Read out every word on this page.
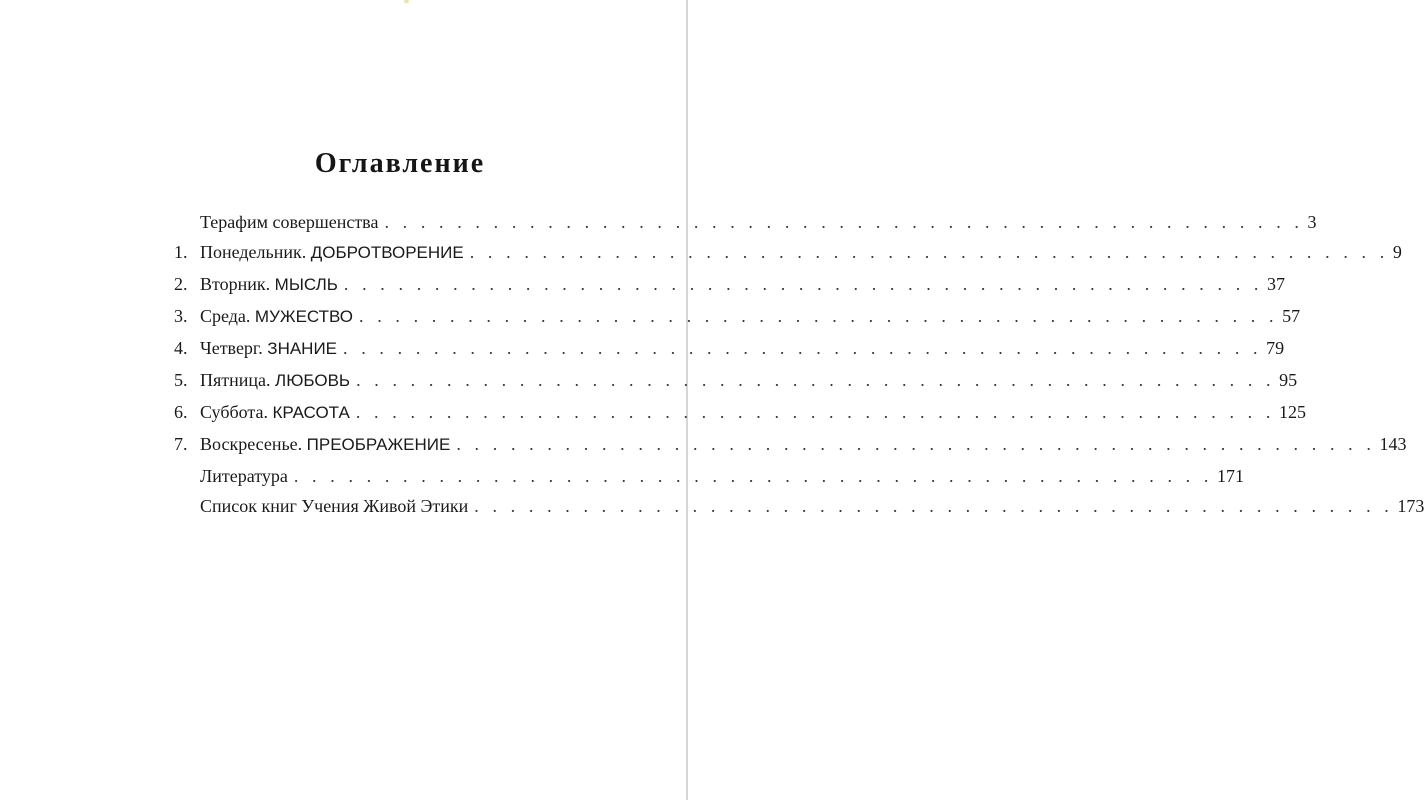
Оглавление
Терафим совершенства . . . . . . . . . . . . . . . . . . . . . . . . . . . . . . . . . . . . . . . . . . . . . . . . . . . 3
1. Понедельник.
ДОБРОТВОРЕНИЕ . . . . . . . . . . . . . . . . . . . . . . . . . . . . . . . . . . . . . . . . . . . . . . . . . . . 9
2. Вторник.
МЫСЛЬ . . . . . . . . . . . . . . . . . . . . . . . . . . . . . . . . . . . . . . . . . . . . . . . . . . . 37
3. Среда.
МУЖЕСТВО . . . . . . . . . . . . . . . . . . . . . . . . . . . . . . . . . . . . . . . . . . . . . . . . . . . 57
4. Четверг.
ЗНАНИЕ . . . . . . . . . . . . . . . . . . . . . . . . . . . . . . . . . . . . . . . . . . . . . . . . . . . 79
5. Пятница.
ЛЮБОВЬ . . . . . . . . . . . . . . . . . . . . . . . . . . . . . . . . . . . . . . . . . . . . . . . . . . . 95
6. Суббота.
КРАСОТА . . . . . . . . . . . . . . . . . . . . . . . . . . . . . . . . . . . . . . . . . . . . . . . . . . . 125
7. Воскресенье.
ПРЕОБРАЖЕНИЕ . . . . . . . . . . . . . . . . . . . . . . . . . . . . . . . . . . . . . . . . . . . . . . . . . . . 143
Литература . . . . . . . . . . . . . . . . . . . . . . . . . . . . . . . . . . . . . . . . . . . . . . . . . . . 171
Список книг Учения Живой Этики . . . . . . . . . . . . . . . . . . . . . . . . . . . . . . . . . . . . . . . . . . . . . . . . . . . 173
